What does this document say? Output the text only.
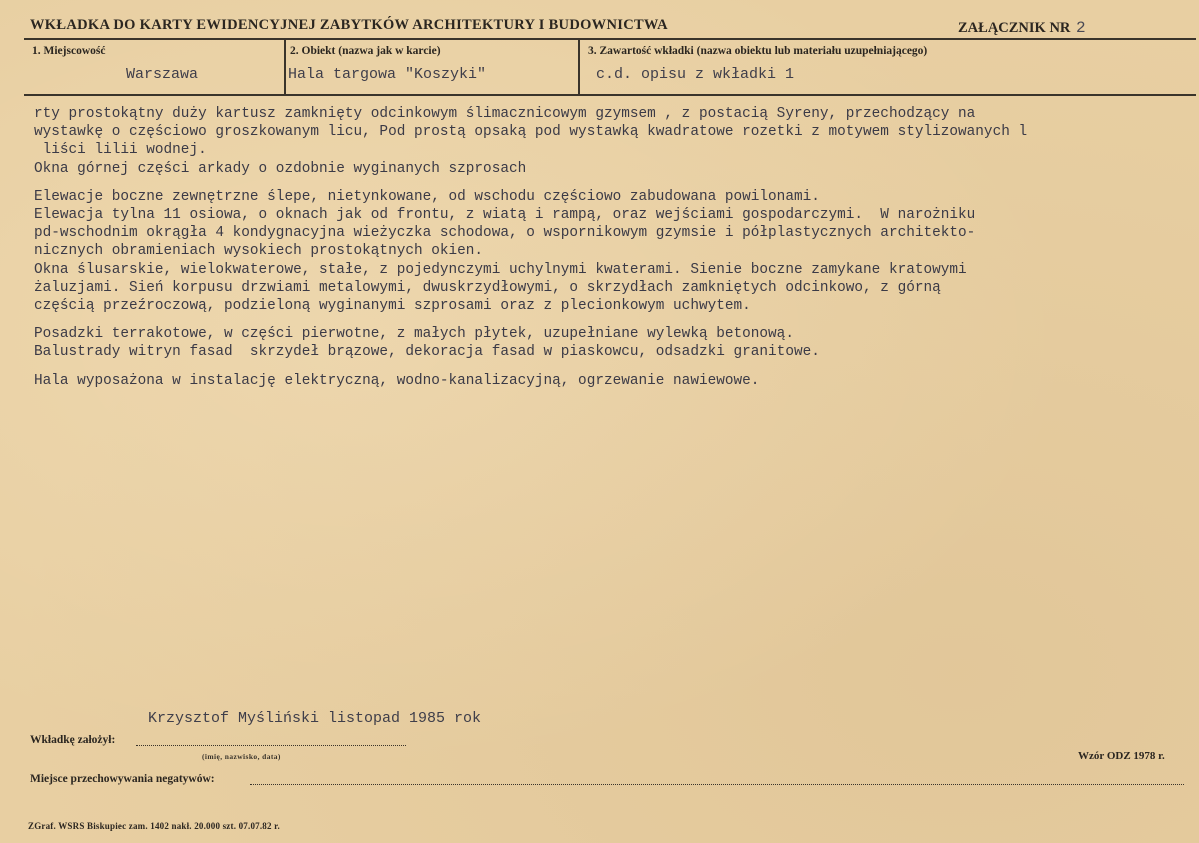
WKŁADKA DO KARTY EWIDENCYJNEJ ZABYTKÓW ARCHITEKTURY I BUDOWNICTWA	ZAŁĄCZNIK NR 2
1. Miejscowość
Warszawa
2. Obiekt (nazwa jak w karcie)
Hala targowa "Koszyki"
3. Zawartość wkładki (nazwa obiektu lub materiału uzupełniającego)
c.d. opisu z wkładki 1

rty prostokątny duży kartusz zamknięty odcinkowym ślimacznicowym gzymsem , z postacią Syreny, przechodzący na

wystawkę o częściowo groszkowanym licu, Pod prostą opsaką pod wystawką kwadratowe rozetki z motywem stylizowanych l

liści lilii wodnej.

Okna górnej części arkady o ozdobnie wyginanych szprosach

Elewacje boczne zewnętrzne ślepe, nietynkowane, od wschodu częściowo zabudowana powilonami.

Elewacja tylna 11 osiowa, o oknach jak od frontu, z wiatą i rampą, oraz wejściami gospodarczymi.  W narożniku

pd-wschodnim okrągła 4 kondygnacyjna wieżyczka schodowa, o wspornikowym gzymsie i półplastycznych architekto-

nicznych obramieniach wysokiech prostokątnych okien.

Okna ślusarskie, wielokwaterowe, stałe, z pojedynczymi uchylnymi kwaterami. Sienie boczne zamykane kratowymi

żaluzjami. Sień korpusu drzwiami metalowymi, dwuskrzydłowymi, o skrzydłach zamkniętych odcinkowo, z górną

częścią przeźroczową, podzieloną wyginanymi szprosami oraz z plecionkowym uchwytem.

Posadzki terrakotowe, w części pierwotne, z małych płytek, uzupełniane wylewką betonową.

Balustrady witryn fasad  skrzydeł brązowe, dekoracja fasad w piaskowcu, odsadzki granitowe.

Hala wyposażona w instalację elektryczną, wodno-kanalizacyjną, ogrzewanie nawiewowe.

Krzysztof Myśliński listopad 1985 rok
Wkładkę założył:
(imię, nazwisko, data)
Miejsce przechowywania negatywów:
Wzór ODZ 1978 r.
ZGraf. WSRS Biskupiec zam. 1402 nakł. 20.000 szt. 07.07.82 r.
